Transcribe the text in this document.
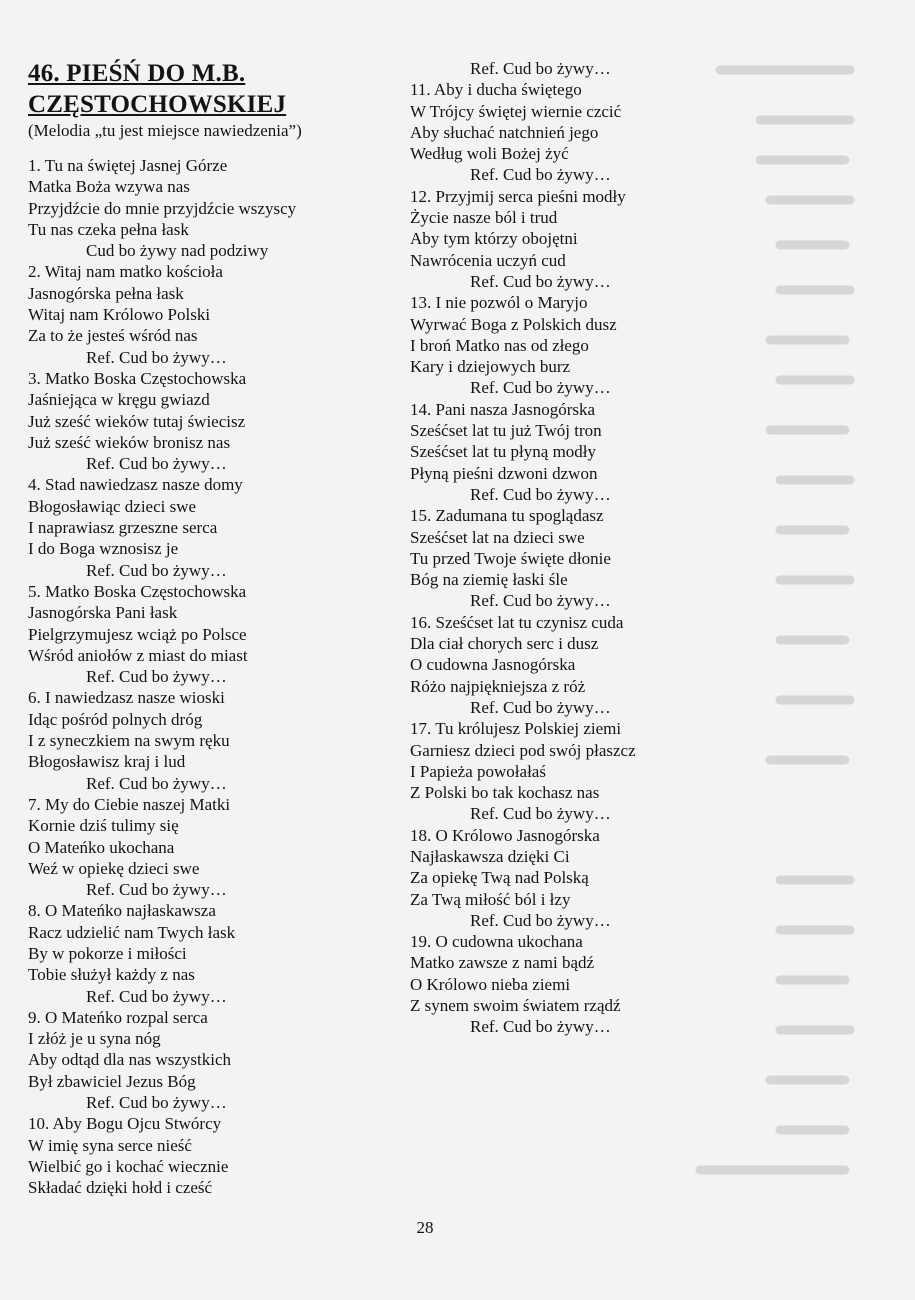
46. PIEŚŃ DO M.B.
CZĘSTOCHOWSKIEJ
(Melodia „tu jest miejsce nawiedzenia”)
1. Tu na świętej Jasnej Górze
Matka Boża wzywa nas
Przyjdźcie do mnie przyjdźcie wszyscy
Tu nas czeka pełna łask
Cud bo żywy nad podziwy
2. Witaj nam matko kościoła
Jasnogórska pełna łask
Witaj nam Królowo Polski
Za to że jesteś wśród nas
Ref. Cud bo żywy…
3. Matko Boska Częstochowska
Jaśniejąca w kręgu gwiazd
Już sześć wieków tutaj świecisz
Już sześć wieków bronisz nas
Ref. Cud bo żywy…
4. Stad nawiedzasz nasze domy
Błogosławiąc dzieci swe
I naprawiasz grzeszne serca
I do Boga wznosisz je
Ref. Cud bo żywy…
5. Matko Boska Częstochowska
Jasnogórska Pani łask
Pielgrzymujesz wciąż po Polsce
Wśród aniołów z miast do miast
Ref. Cud bo żywy…
6. I nawiedzasz nasze wioski
Idąc pośród polnych dróg
I z syneczkiem na swym ręku
Błogosławisz kraj i lud
Ref. Cud bo żywy…
7. My do Ciebie naszej Matki
Kornie dziś tulimy się
O Mateńko ukochana
Weź w opiekę dzieci swe
Ref. Cud bo żywy…
8. O Mateńko najłaskawsza
Racz udzielić nam Twych łask
By w pokorze i miłości
Tobie służył każdy z nas
Ref. Cud bo żywy…
9. O Mateńko rozpal serca
I złóż je u syna nóg
Aby odtąd dla nas wszystkich
Był zbawiciel Jezus Bóg
Ref. Cud bo żywy…
10. Aby Bogu Ojcu Stwórcy
W imię syna serce nieść
Wielbić go i kochać wiecznie
Składać dzięki hołd i cześć
Ref. Cud bo żywy…
11. Aby i ducha świętego
W Trójcy świętej wiernie czcić
Aby słuchać natchnień jego
Według woli Bożej żyć
Ref. Cud bo żywy…
12. Przyjmij serca pieśni modły
Życie nasze ból i trud
Aby tym którzy obojętni
Nawrócenia uczyń cud
Ref. Cud bo żywy…
13. I nie pozwól o Maryjo
Wyrwać Boga z Polskich dusz
I broń Matko nas od złego
Kary i dziejowych burz
Ref. Cud bo żywy…
14. Pani nasza Jasnogórska
Sześćset lat tu już Twój tron
Sześćset lat tu płyną modły
Płyną pieśni dzwoni dzwon
Ref. Cud bo żywy…
15. Zadumana tu spoglądasz
Sześćset lat na dzieci swe
Tu przed Twoje święte dłonie
Bóg na ziemię łaski śle
Ref. Cud bo żywy…
16. Sześćset lat tu czynisz cuda
Dla ciał chorych serc i dusz
O cudowna Jasnogórska
Różo najpiękniejsza z róż
Ref. Cud bo żywy…
17. Tu królujesz Polskiej ziemi
Garniesz dzieci pod swój płaszcz
I Papieża powołałaś
Z Polski bo tak kochasz nas
Ref. Cud bo żywy…
18. O Królowo Jasnogórska
Najłaskawsza dzięki Ci
Za opiekę Twą nad Polską
Za Twą miłość ból i łzy
Ref. Cud bo żywy…
19. O cudowna ukochana
Matko zawsze z nami bądź
O Królowo nieba ziemi
Z synem swoim światem rządź
Ref. Cud bo żywy…
28
